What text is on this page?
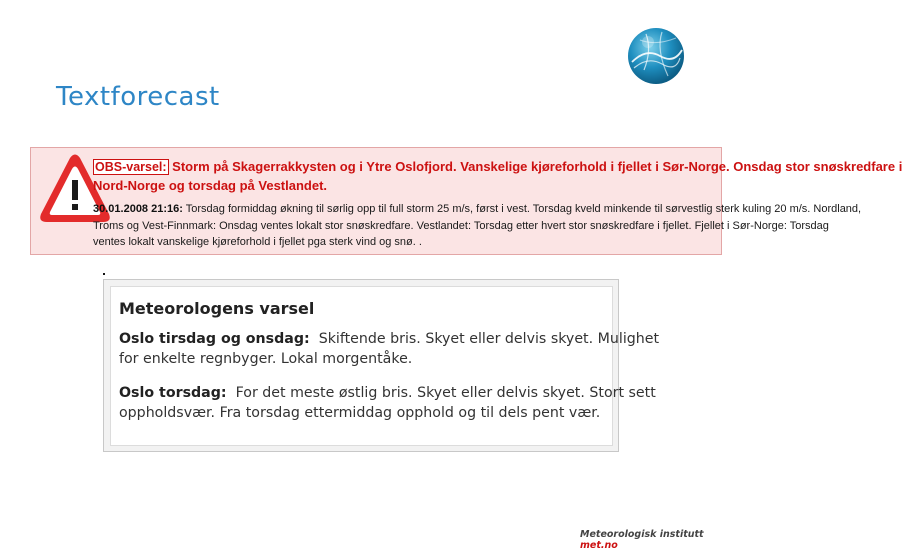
Textforecast
OBS-varsel: Storm på Skagerrakkysten og i Ytre Oslofjord. Vanskelige kjøreforhold i fjellet i Sør-Norge. Onsdag stor snøskredfare i
Nord-Norge og torsdag på Vestlandet.
30.01.2008 21:16: Torsdag formiddag økning til sørlig opp til full storm 25 m/s, først i vest. Torsdag kveld minkende til sørvestlig sterk kuling 20 m/s. Nordland,
Troms og Vest-Finnmark: Onsdag ventes lokalt stor snøskredfare. Vestlandet: Torsdag etter hvert stor snøskredfare i fjellet. Fjellet i Sør-Norge: Torsdag
ventes lokalt vanskelige kjøreforhold i fjellet pga sterk vind og snø. .
Meteorologens varsel
Oslo tirsdag og onsdag:  Skiftende bris. Skyet eller delvis skyet. Mulighet
for enkelte regnbyger. Lokal morgentåke.
Oslo torsdag:  For det meste østlig bris. Skyet eller delvis skyet. Stort sett
oppholdsvær. Fra torsdag ettermiddag opphold og til dels pent vær.
Meteorologisk institutt met.no
